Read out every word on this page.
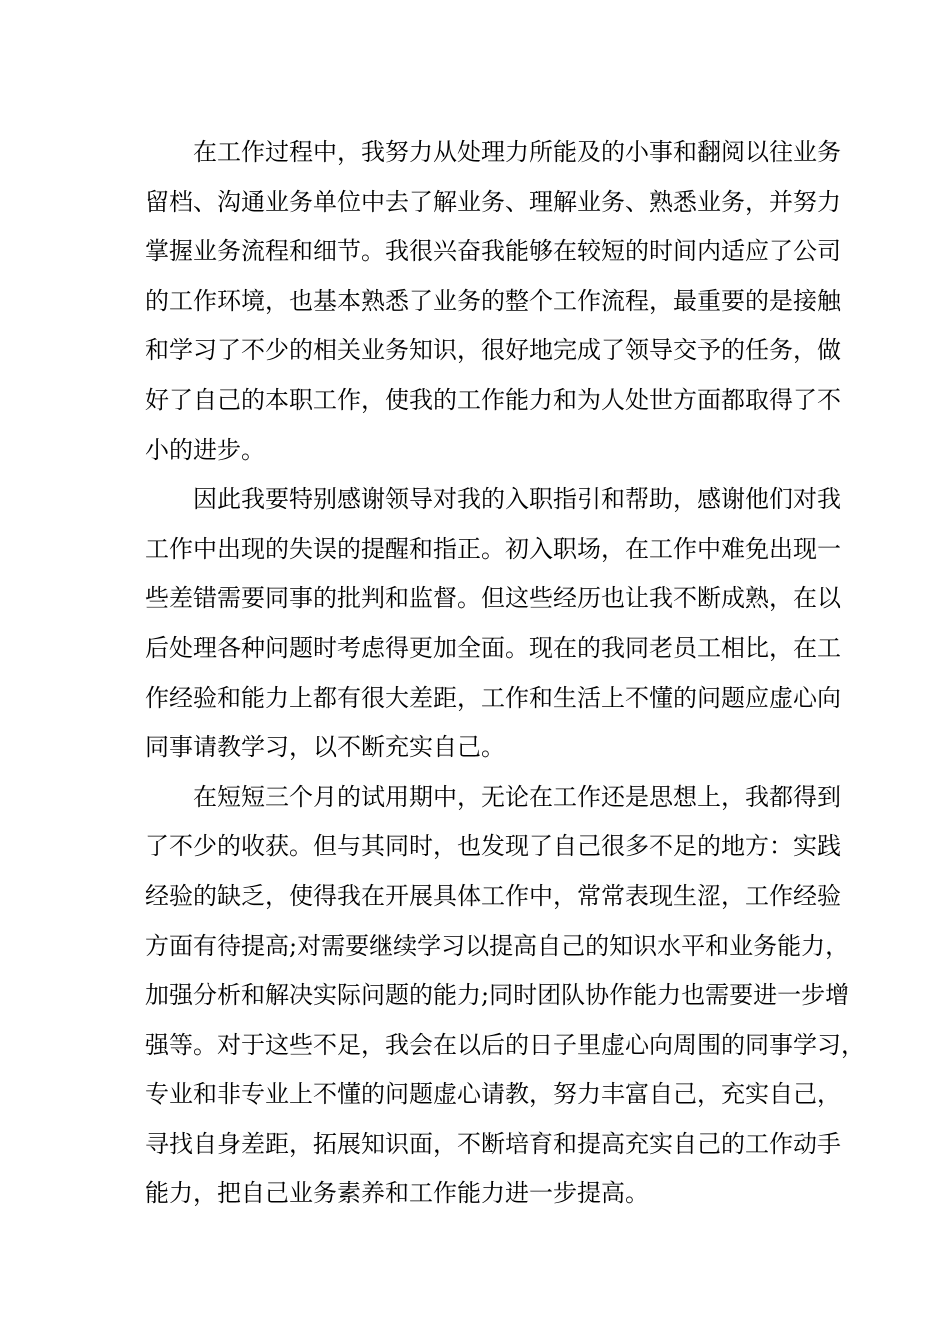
在工作过程中，我努力从处理力所能及的小事和翻阅以往业务
留档、沟通业务单位中去了解业务、理解业务、熟悉业务，并努力
掌握业务流程和细节。我很兴奋我能够在较短的时间内适应了公司
的工作环境，也基本熟悉了业务的整个工作流程，最重要的是接触
和学习了不少的相关业务知识，很好地完成了领导交予的任务，做
好了自己的本职工作，使我的工作能力和为人处世方面都取得了不
小的进步。
因此我要特别感谢领导对我的入职指引和帮助，感谢他们对我
工作中出现的失误的提醒和指正。初入职场，在工作中难免出现一
些差错需要同事的批判和监督。但这些经历也让我不断成熟，在以
后处理各种问题时考虑得更加全面。现在的我同老员工相比，在工
作经验和能力上都有很大差距，工作和生活上不懂的问题应虚心向
同事请教学习，以不断充实自己。
在短短三个月的试用期中，无论在工作还是思想上，我都得到
了不少的收获。但与其同时，也发现了自己很多不足的地方：实践
经验的缺乏，使得我在开展具体工作中，常常表现生涩，工作经验
方面有待提高;对需要继续学习以提高自己的知识水平和业务能力，
加强分析和解决实际问题的能力;同时团队协作能力也需要进一步增
强等。对于这些不足，我会在以后的日子里虚心向周围的同事学习，
专业和非专业上不懂的问题虚心请教，努力丰富自己，充实自己，
寻找自身差距，拓展知识面，不断培育和提高充实自己的工作动手
能力，把自己业务素养和工作能力进一步提高。
